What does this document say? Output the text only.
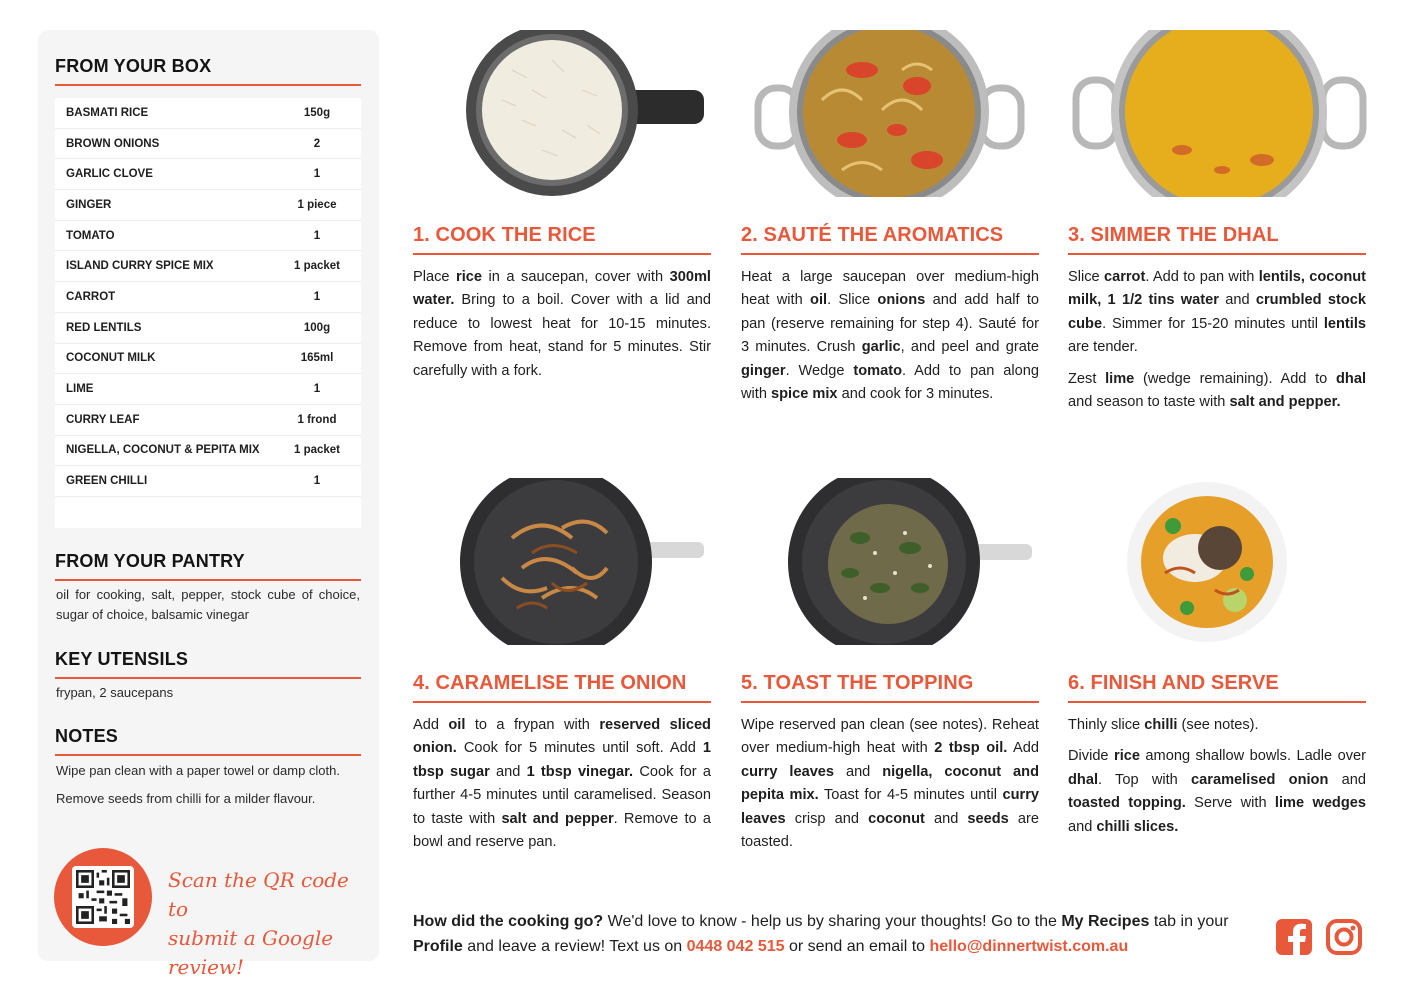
FROM YOUR BOX
BASMATI RICE	150g
BROWN ONIONS	2
GARLIC CLOVE	1
GINGER	1 piece
TOMATO	1
ISLAND CURRY SPICE MIX	1 packet
CARROT	1
RED LENTILS	100g
COCONUT MILK	165ml
LIME	1
CURRY LEAF	1 frond
NIGELLA, COCONUT & PEPITA MIX	1 packet
GREEN CHILLI	1
FROM YOUR PANTRY
oil for cooking, salt, pepper, stock cube of choice, sugar of choice, balsamic vinegar
KEY UTENSILS
frypan, 2 saucepans
NOTES
Wipe pan clean with a paper towel or damp cloth.
Remove seeds from chilli for a milder flavour.
Scan the QR code to
submit a Google review!
1. COOK THE RICE

Place rice in a saucepan, cover with 300ml water. Bring to a boil. Cover with a lid and reduce to lowest heat for 10-15 minutes. Remove from heat, stand for 5 minutes. Stir carefully with a fork.

2. SAUTÉ THE AROMATICS

Heat a large saucepan over medium-high heat with oil. Slice onions and add half to pan (reserve remaining for step 4). Sauté for 3 minutes. Crush garlic, and peel and grate ginger. Wedge tomato. Add to pan along with spice mix and cook for 3 minutes.

3. SIMMER THE DHAL

Slice carrot. Add to pan with lentils, coconut milk, 1 1/2 tins water and crumbled stock cube. Simmer for 15-20 minutes until lentils are tender.

Zest lime (wedge remaining). Add to dhal and season to taste with salt and pepper.

4. CARAMELISE THE ONION

Add oil to a frypan with reserved sliced onion. Cook for 5 minutes until soft. Add 1 tbsp sugar and 1 tbsp vinegar. Cook for a further 4-5 minutes until caramelised. Season to taste with salt and pepper. Remove to a bowl and reserve pan.

5. TOAST THE TOPPING

Wipe reserved pan clean (see notes). Reheat over medium-high heat with 2 tbsp oil. Add curry leaves and nigella, coconut and pepita mix. Toast for 4-5 minutes until curry leaves crisp and coconut and seeds are toasted.

6. FINISH AND SERVE

Thinly slice chilli (see notes).

Divide rice among shallow bowls. Ladle over dhal. Top with caramelised onion and toasted topping. Serve with lime wedges and chilli slices.

How did the cooking go? We'd love to know - help us by sharing your thoughts! Go to the My Recipes tab in your Profile and leave a review! Text us on 0448 042 515 or send an email to hello@dinnertwist.com.au
